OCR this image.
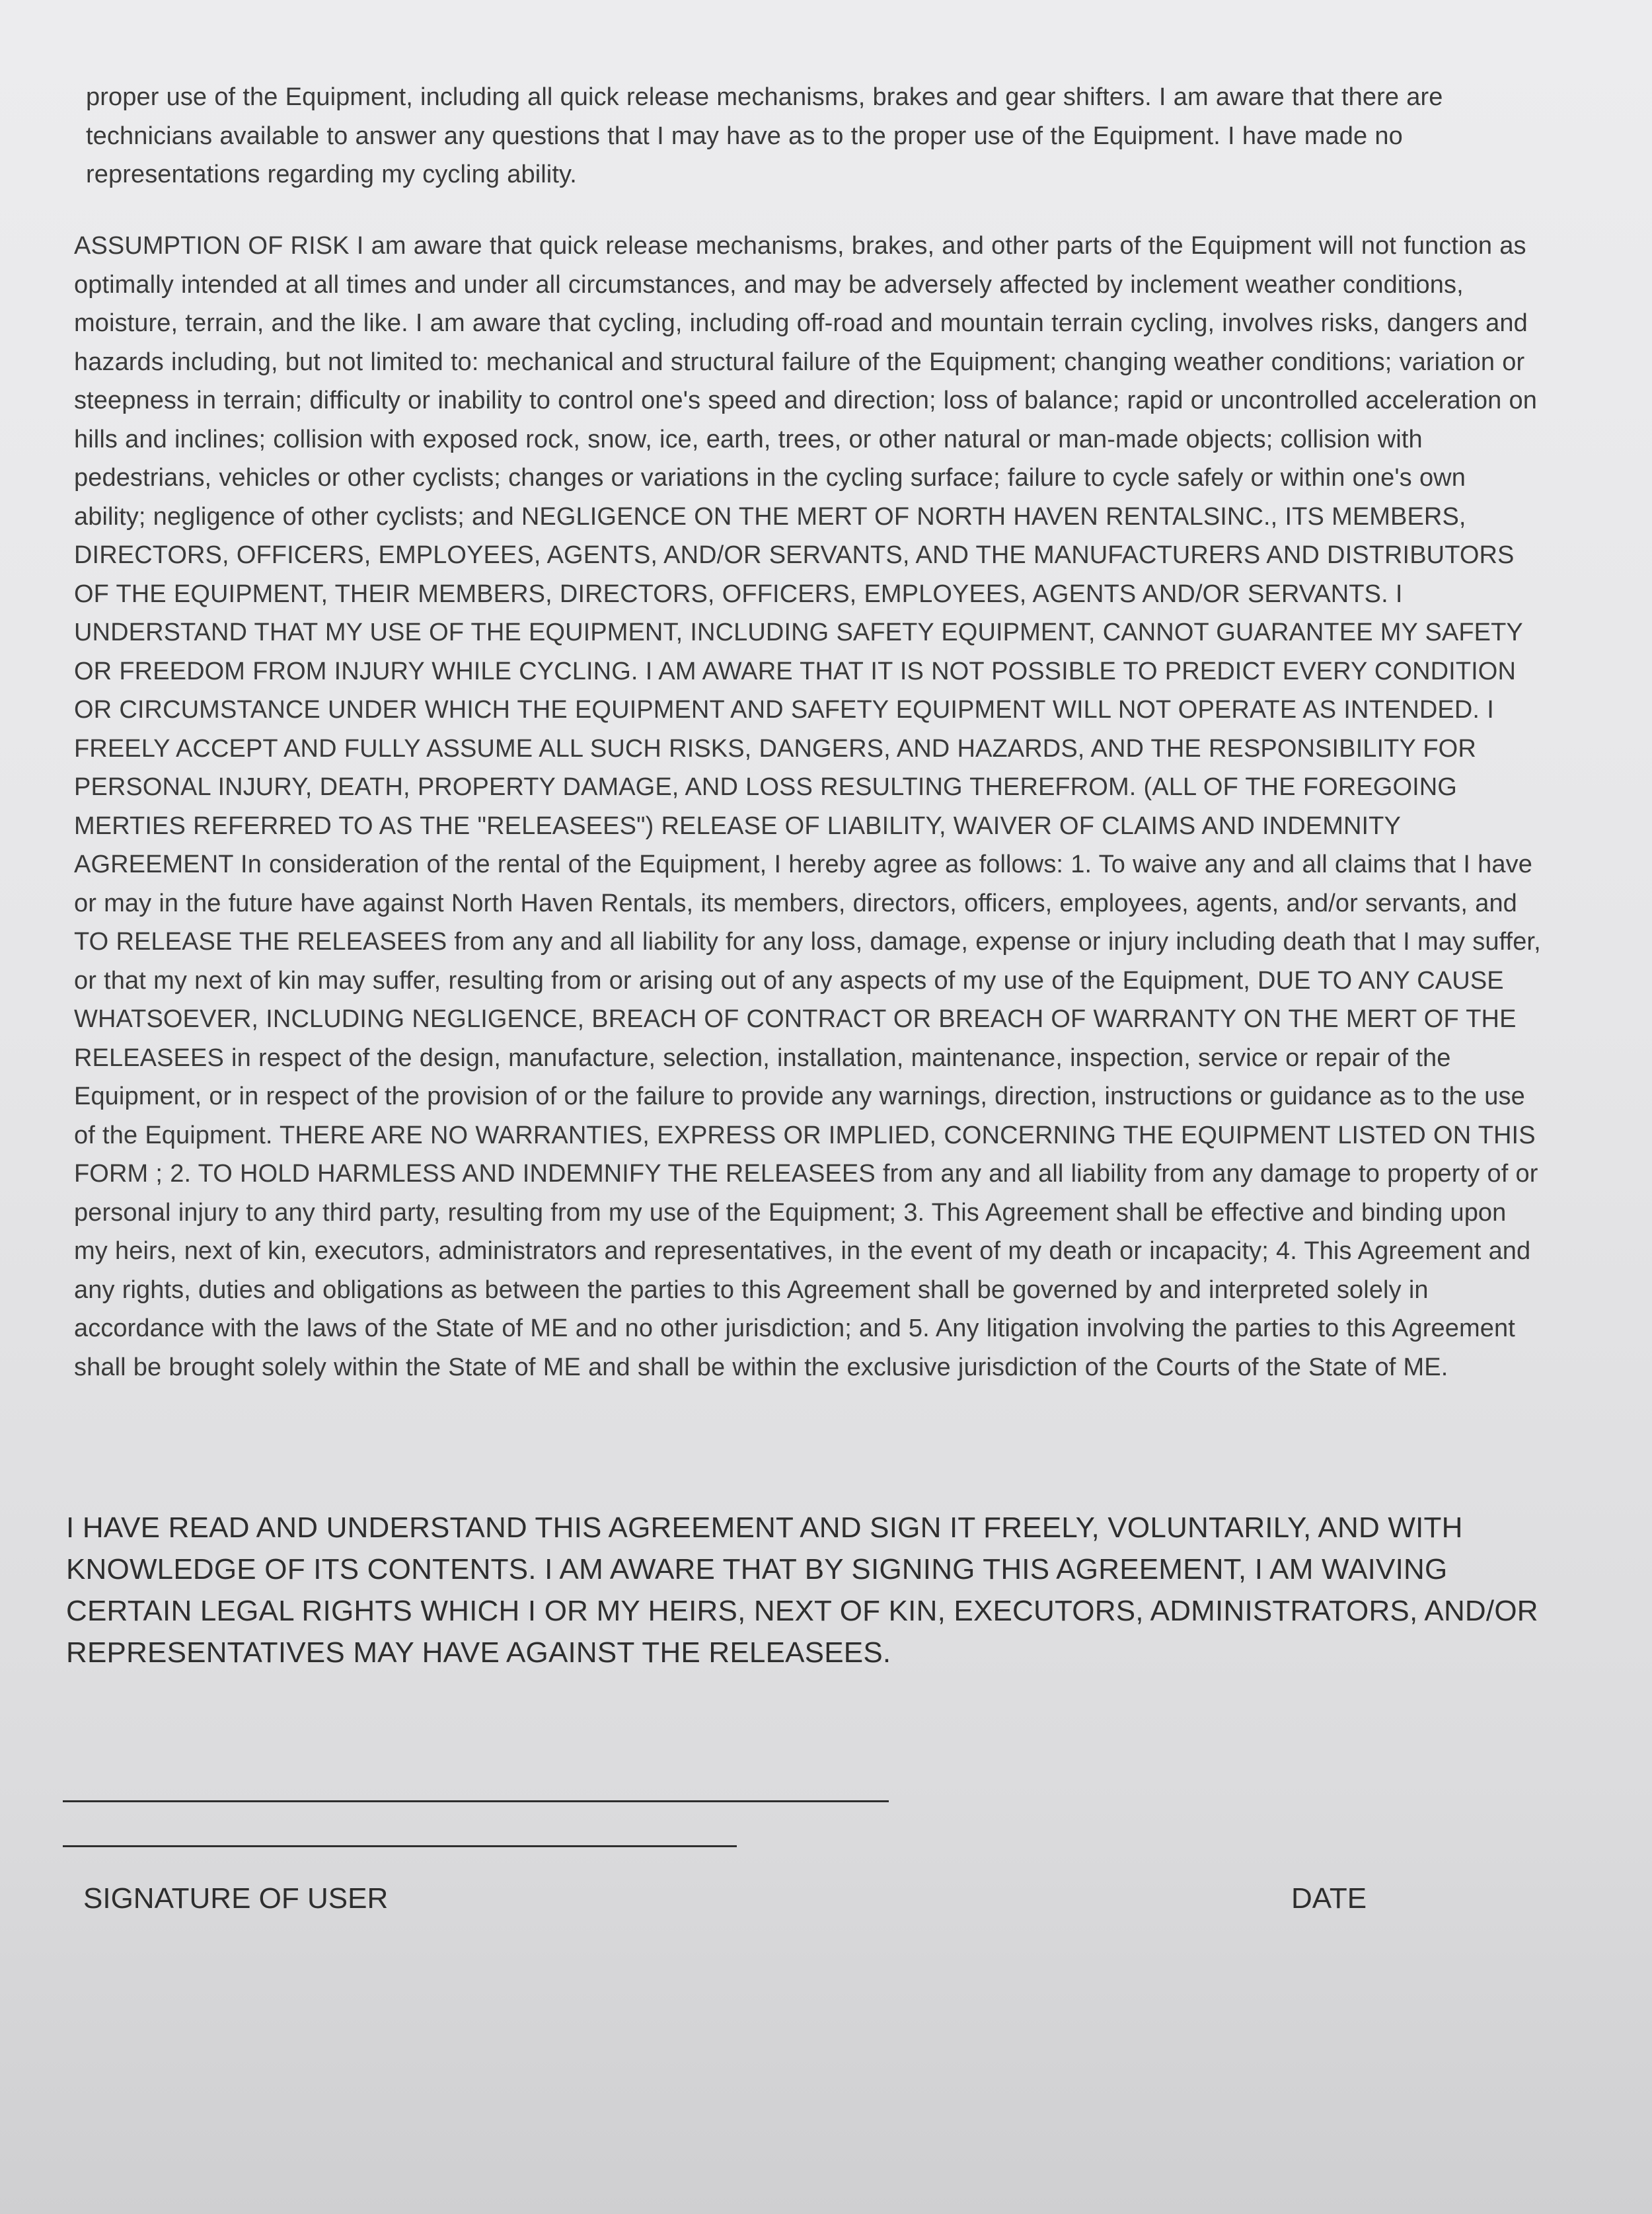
proper use of the Equipment, including all quick release mechanisms, brakes and gear shifters. I am aware that there are technicians available to answer any questions that I may have as to the proper use of the Equipment. I have made no representations regarding my cycling ability.

ASSUMPTION OF RISK I am aware that quick release mechanisms, brakes, and other parts of the Equipment will not function as optimally intended at all times and under all circumstances, and may be adversely affected by inclement weather conditions, moisture, terrain, and the like. I am aware that cycling, including off-road and mountain terrain cycling, involves risks, dangers and hazards including, but not limited to: mechanical and structural failure of the Equipment; changing weather conditions; variation or steepness in terrain; difficulty or inability to control one's speed and direction; loss of balance; rapid or uncontrolled acceleration on hills and inclines; collision with exposed rock, snow, ice, earth, trees, or other natural or man-made objects; collision with pedestrians, vehicles or other cyclists; changes or variations in the cycling surface; failure to cycle safely or within one's own ability; negligence of other cyclists; and NEGLIGENCE ON THE MERT OF NORTH HAVEN RENTALSINC., ITS MEMBERS, DIRECTORS, OFFICERS, EMPLOYEES, AGENTS, AND/OR SERVANTS, AND THE MANUFACTURERS AND DISTRIBUTORS OF THE EQUIPMENT, THEIR MEMBERS, DIRECTORS, OFFICERS, EMPLOYEES, AGENTS AND/OR SERVANTS. I UNDERSTAND THAT MY USE OF THE EQUIPMENT, INCLUDING SAFETY EQUIPMENT, CANNOT GUARANTEE MY SAFETY OR FREEDOM FROM INJURY WHILE CYCLING. I AM AWARE THAT IT IS NOT POSSIBLE TO PREDICT EVERY CONDITION OR CIRCUMSTANCE UNDER WHICH THE EQUIPMENT AND SAFETY EQUIPMENT WILL NOT OPERATE AS INTENDED. I FREELY ACCEPT AND FULLY ASSUME ALL SUCH RISKS, DANGERS, AND HAZARDS, AND THE RESPONSIBILITY FOR PERSONAL INJURY, DEATH, PROPERTY DAMAGE, AND LOSS RESULTING THEREFROM. (ALL OF THE FOREGOING MERTIES REFERRED TO AS THE "RELEASEES") RELEASE OF LIABILITY, WAIVER OF CLAIMS AND INDEMNITY AGREEMENT In consideration of the rental of the Equipment, I hereby agree as follows: 1. To waive any and all claims that I have or may in the future have against North Haven Rentals, its members, directors, officers, employees, agents, and/or servants, and TO RELEASE THE RELEASEES from any and all liability for any loss, damage, expense or injury including death that I may suffer, or that my next of kin may suffer, resulting from or arising out of any aspects of my use of the Equipment, DUE TO ANY CAUSE WHATSOEVER, INCLUDING NEGLIGENCE, BREACH OF CONTRACT OR BREACH OF WARRANTY ON THE MERT OF THE RELEASEES in respect of the design, manufacture, selection, installation, maintenance, inspection, service or repair of the Equipment, or in respect of the provision of or the failure to provide any warnings, direction, instructions or guidance as to the use of the Equipment. THERE ARE NO WARRANTIES, EXPRESS OR IMPLIED, CONCERNING THE EQUIPMENT LISTED ON THIS FORM ; 2. TO HOLD HARMLESS AND INDEMNIFY THE RELEASEES from any and all liability from any damage to property of or personal injury to any third party, resulting from my use of the Equipment; 3. This Agreement shall be effective and binding upon my heirs, next of kin, executors, administrators and representatives, in the event of my death or incapacity; 4. This Agreement and any rights, duties and obligations as between the parties to this Agreement shall be governed by and interpreted solely in accordance with the laws of the State of ME and no other jurisdiction; and 5. Any litigation involving the parties to this Agreement shall be brought solely within the State of ME and shall be within the exclusive jurisdiction of the Courts of the State of ME.

I HAVE READ AND UNDERSTAND THIS AGREEMENT AND SIGN IT FREELY, VOLUNTARILY, AND WITH KNOWLEDGE OF ITS CONTENTS. I AM AWARE THAT BY SIGNING THIS AGREEMENT, I AM WAIVING CERTAIN LEGAL RIGHTS WHICH I OR MY HEIRS, NEXT OF KIN, EXECUTORS, ADMINISTRATORS, AND/OR REPRESENTATIVES MAY HAVE AGAINST THE RELEASEES.

SIGNATURE OF USER	DATE
